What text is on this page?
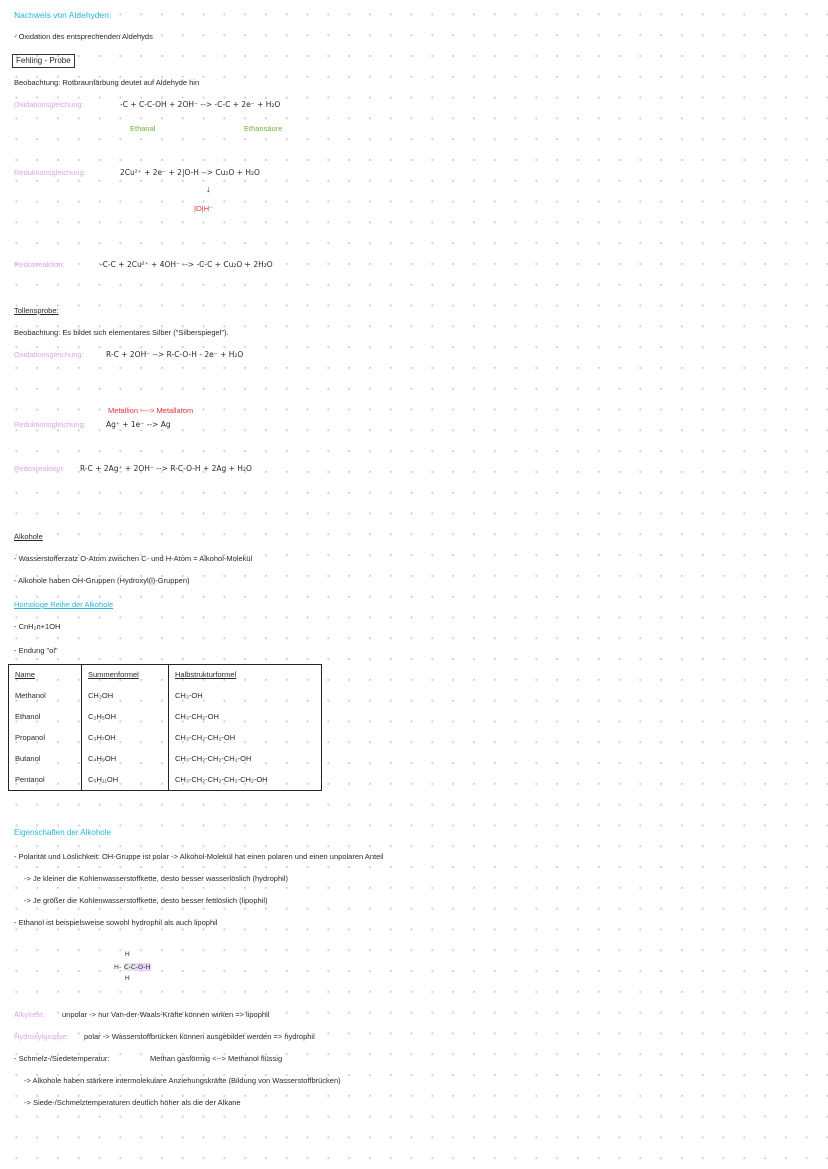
Nachweis von Aldehyden:
- Oxidation des entsprechenden Aldehyds
Fehling - Probe
Beobachtung: Rotbraunfärbung deutet auf Aldehyde hin
Oxidationsgleichung:	-C + C-C-OH + 2OH⁻ --> -C-C + 2e⁻ + H₂O
Ethanal	Ethansäure
Reduktionsgleichung:	2Cu²⁺ + 2e⁻ + 2|O-H --> Cu₂O + H₂O
↓
|O|H⁻
Redoxreaktion:	-C-C + 2Cu²⁺ + 4OH⁻ --> -C-C + Cu₂O + 2H₂O
Tollensprobe:
Beobachtung: Es bildet sich elementares Silber ("Silberspiegel").
Oxidationsgleichung:	R-C + 2OH⁻ --> R-C-O-H - 2e⁻ + H₂O
Metallion ----> Metallatom
Reduktionsgleichung:	Ag⁺ + 1e⁻ --> Ag
Redoxreaktion: R-C + 2Ag⁺ + 2OH⁻ --> R-C-O-H + 2Ag + H₂O
Alkohole
- Wasserstofferzatz O-Atom zwischen C- und H-Atom = Alkohol-Molekül
- Alkohole haben OH-Gruppen (Hydroxyl(l)-Gruppen)
Homologe Reihe der Alkohole
- CnH₂n+1OH
- Endung "ol"
Name	Summenformel	Halbstrukturformel
Methanol	CH₃OH	CH₃-OH
Ethanol	C₂H₅OH	CH₃-CH₂-OH
Propanol	C₃H₇OH	CH₃-CH₂-CH₂-OH
Butanol	C₄H₉OH	CH₃-CH₂-CH₂-CH₂-OH
Pentanol	C₅H₁₁OH	CH₃-CH₂-CH₂-CH₂-CH₂-OH
Eigenschaften der Alkohole
- Polarität und Löslichkeit: OH-Gruppe ist polar -> Alkohol-Molekül hat einen polaren und einen unpolaren Anteil
-> Je kleiner die Kohlenwasserstoffkette, desto besser wasserlöslich (hydrophil)
-> Je größer die Kohlenwasserstoffkette, desto besser fettlöslich (lipophil)
- Ethanol ist beispielsweise sowohl hydrophil als auch lipophil
H
H- C-C-O-H
H
Alkylrest: unpolar -> nur Van-der-Waals-Kräfte können wirken => lipophil
Hydroxylgruppe: polar -> Wasserstoffbrücken können ausgebildet werden => hydrophil
- Schmelz-/Siedetemperatur:	Methan gasförmig <--> Methanol flüssig
-> Alkohole haben stärkere intermolekulare Anziehungskräfte (Bildung von Wasserstoffbrücken)
-> Siede-/Schmelztemperaturen deutlich höher als die der Alkane
